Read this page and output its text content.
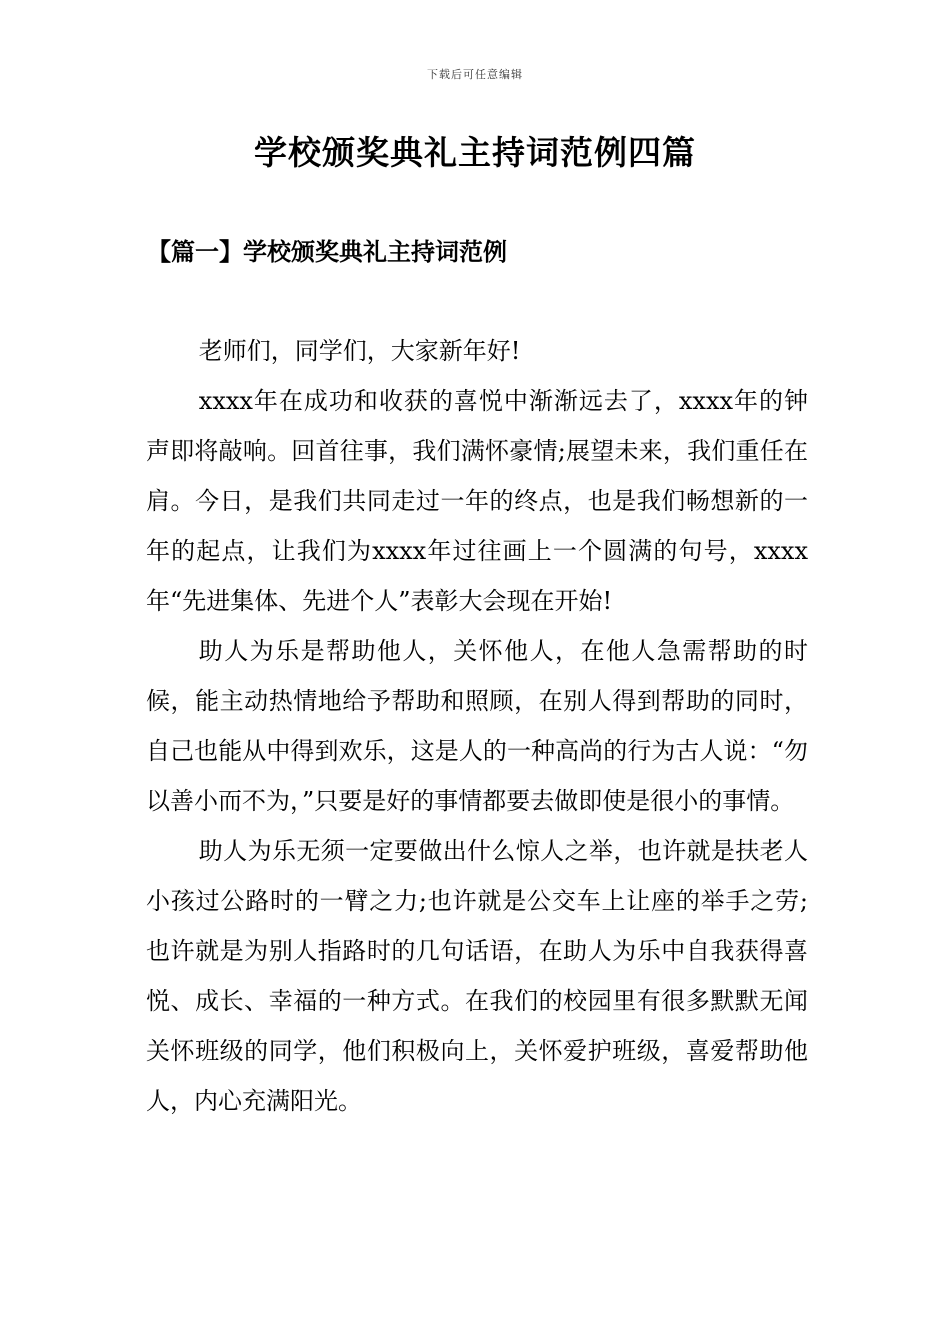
下载后可任意编辑
学校颁奖典礼主持词范例四篇
【篇一】学校颁奖典礼主持词范例

老师们，同学们，大家新年好!

xxxx年在成功和收获的喜悦中渐渐远去了，xxxx年的钟声即将敲响。回首往事，我们满怀豪情;展望未来，我们重任在肩。今日，是我们共同走过一年的终点，也是我们畅想新的一年的起点，让我们为xxxx年过往画上一个圆满的句号，xxxx年“先进集体、先进个人”表彰大会现在开始!

助人为乐是帮助他人，关怀他人，在他人急需帮助的时候，能主动热情地给予帮助和照顾，在别人得到帮助的同时，自己也能从中得到欢乐，这是人的一种高尚的行为古人说：“勿以善小而不为，”只要是好的事情都要去做即使是很小的事情。

助人为乐无须一定要做出什么惊人之举，也许就是扶老人小孩过公路时的一臂之力;也许就是公交车上让座的举手之劳;也许就是为别人指路时的几句话语，在助人为乐中自我获得喜悦、成长、幸福的一种方式。在我们的校园里有很多默默无闻关怀班级的同学，他们积极向上，关怀爱护班级，喜爱帮助他人，内心充满阳光。
